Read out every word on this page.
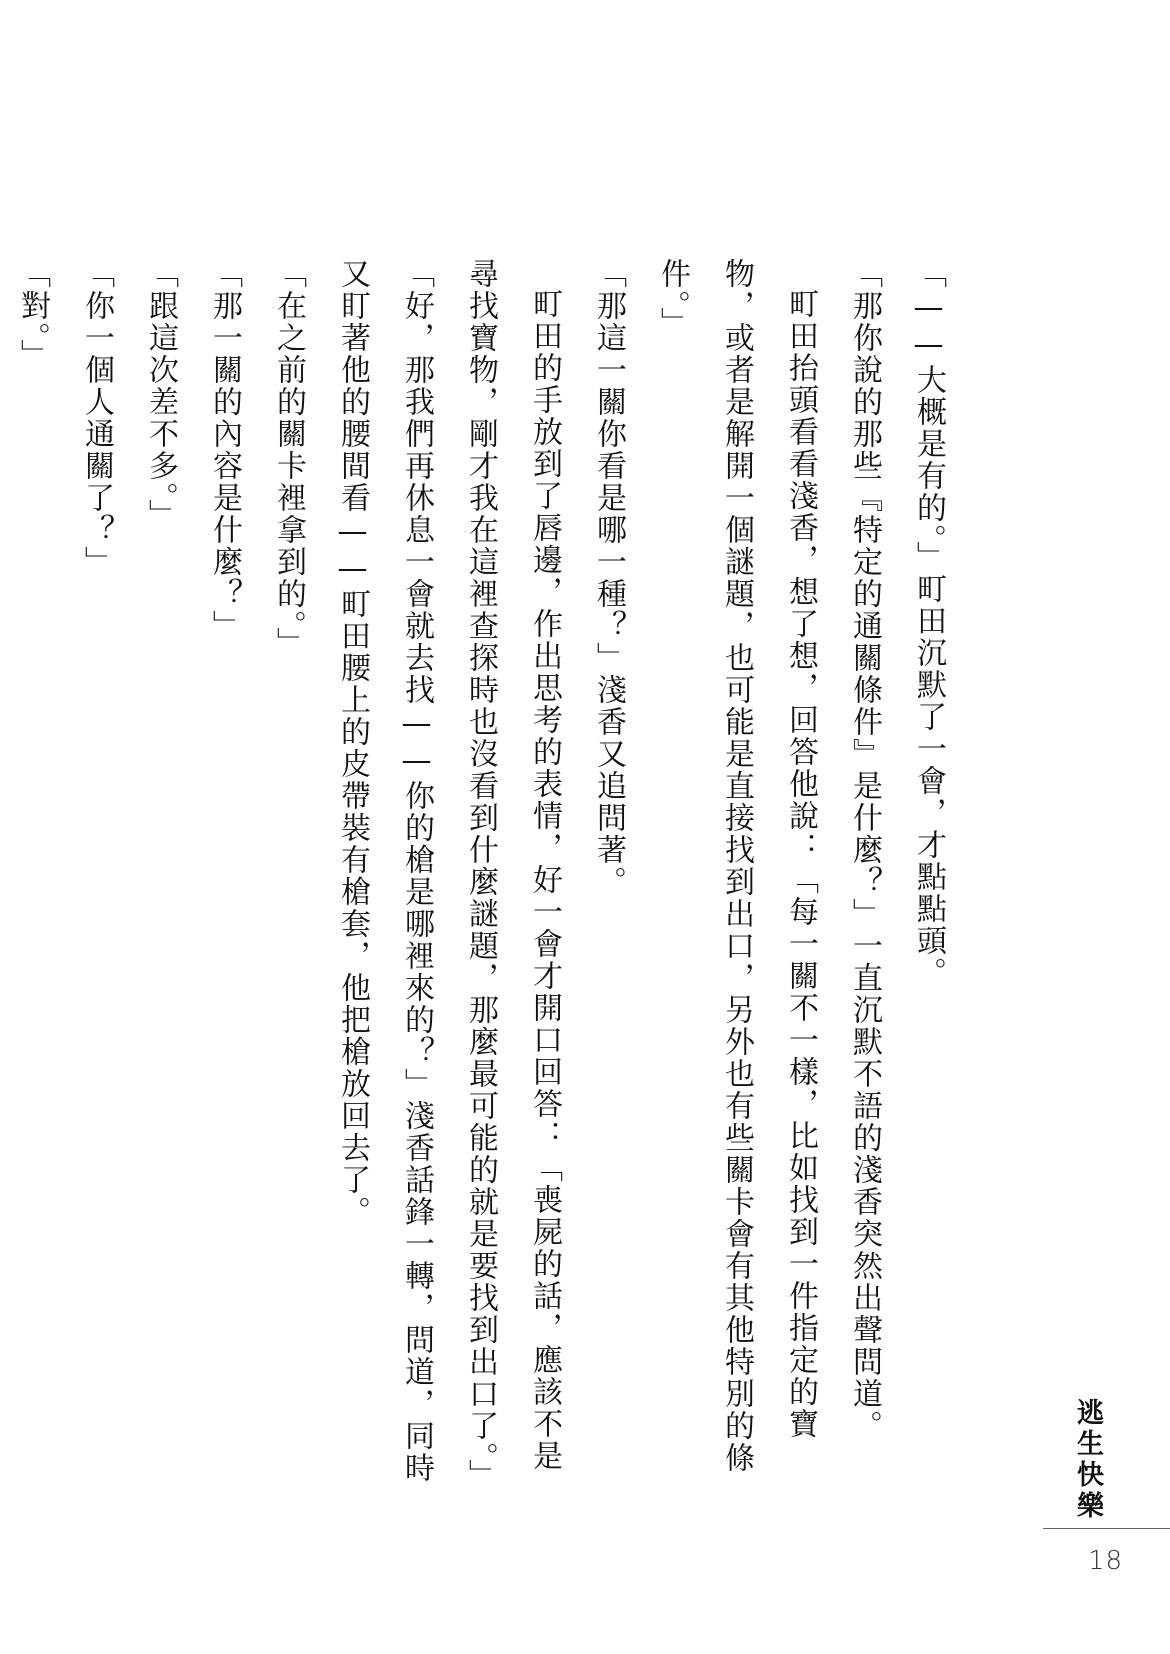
「——大概是有的。」町田沉默了一會，才點點頭。

「那你說的那些『特定的通關條件』是什麼？」一直沉默不語的淺香突然出聲問道。

町田抬頭看看淺香，想了想，回答他說：「每一關不一樣，比如找到一件指定的寶物，或者是解開一個謎題，也可能是直接找到出口，另外也有些關卡會有其他特別的條件。」

「那這一關你看是哪一種？」淺香又追問著。

町田的手放到了唇邊，作出思考的表情，好一會才開口回答：「喪屍的話，應該不是尋找寶物，剛才我在這裡查探時也沒看到什麼謎題，那麼最可能的就是要找到出口了。」

「好，那我們再休息一會就去找——你的槍是哪裡來的？」淺香話鋒一轉，問道，同時又盯著他的腰間看——町田腰上的皮帶裝有槍套，他把槍放回去了。

「在之前的關卡裡拿到的。」

「那一關的內容是什麼？」

「跟這次差不多。」

「你一個人通關了？」

「對。」

逃生快樂
18
